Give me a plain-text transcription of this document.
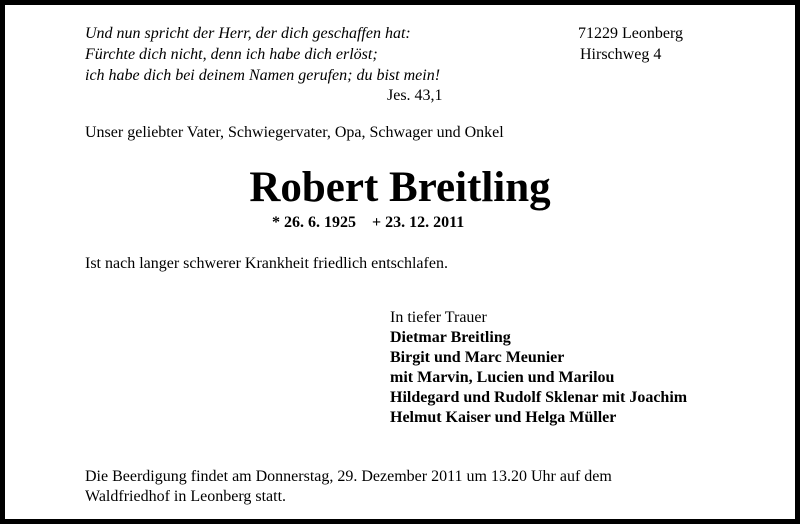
Und nun spricht der Herr, der dich geschaffen hat:
Fürchte dich nicht, denn ich habe dich erlöst;
ich habe dich bei deinem Namen gerufen; du bist mein!
Jes. 43,1
71229 Leonberg
Hirschweg 4
Unser geliebter Vater, Schwiegervater, Opa, Schwager und Onkel
Robert Breitling
* 26. 6. 1925 + 23. 12. 2011
Ist nach langer schwerer Krankheit friedlich entschlafen.
In tiefer Trauer
Dietmar Breitling
Birgit und Marc Meunier
mit Marvin, Lucien und Marilou
Hildegard und Rudolf Sklenar mit Joachim
Helmut Kaiser und Helga Müller
Die Beerdigung findet am Donnerstag, 29. Dezember 2011 um 13.20 Uhr auf dem
Waldfriedhof in Leonberg statt.
